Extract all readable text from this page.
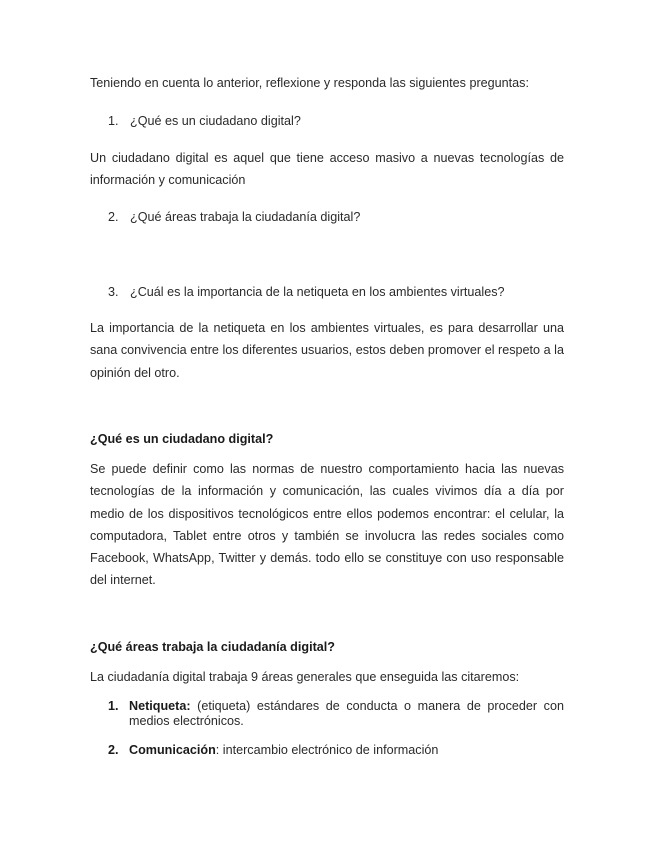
Teniendo en cuenta lo anterior, reflexione y responda las siguientes preguntas:

1. ¿Qué es un ciudadano digital?

Un ciudadano digital es aquel que tiene acceso masivo a nuevas tecnologías de información y comunicación

2. ¿Qué áreas trabaja la ciudadanía digital?

3. ¿Cuál es la importancia de la netiqueta en los ambientes virtuales?

La importancia de la netiqueta en los ambientes virtuales, es para desarrollar una sana convivencia entre los diferentes usuarios, estos deben promover el respeto a la opinión del otro.

¿Qué es un ciudadano digital?

Se puede definir como las normas de nuestro comportamiento hacia las nuevas tecnologías de la información y comunicación, las cuales vivimos día a día por medio de los dispositivos tecnológicos entre ellos podemos encontrar: el celular, la computadora, Tablet entre otros y también se involucra las redes sociales como Facebook, WhatsApp, Twitter y demás. todo ello se constituye con uso responsable del internet.

¿Qué áreas trabaja la ciudadanía digital?

La ciudadanía digital trabaja 9 áreas generales que enseguida las citaremos:

1. Netiqueta: (etiqueta) estándares de conducta o manera de proceder con medios electrónicos.
2. Comunicación: intercambio electrónico de información
